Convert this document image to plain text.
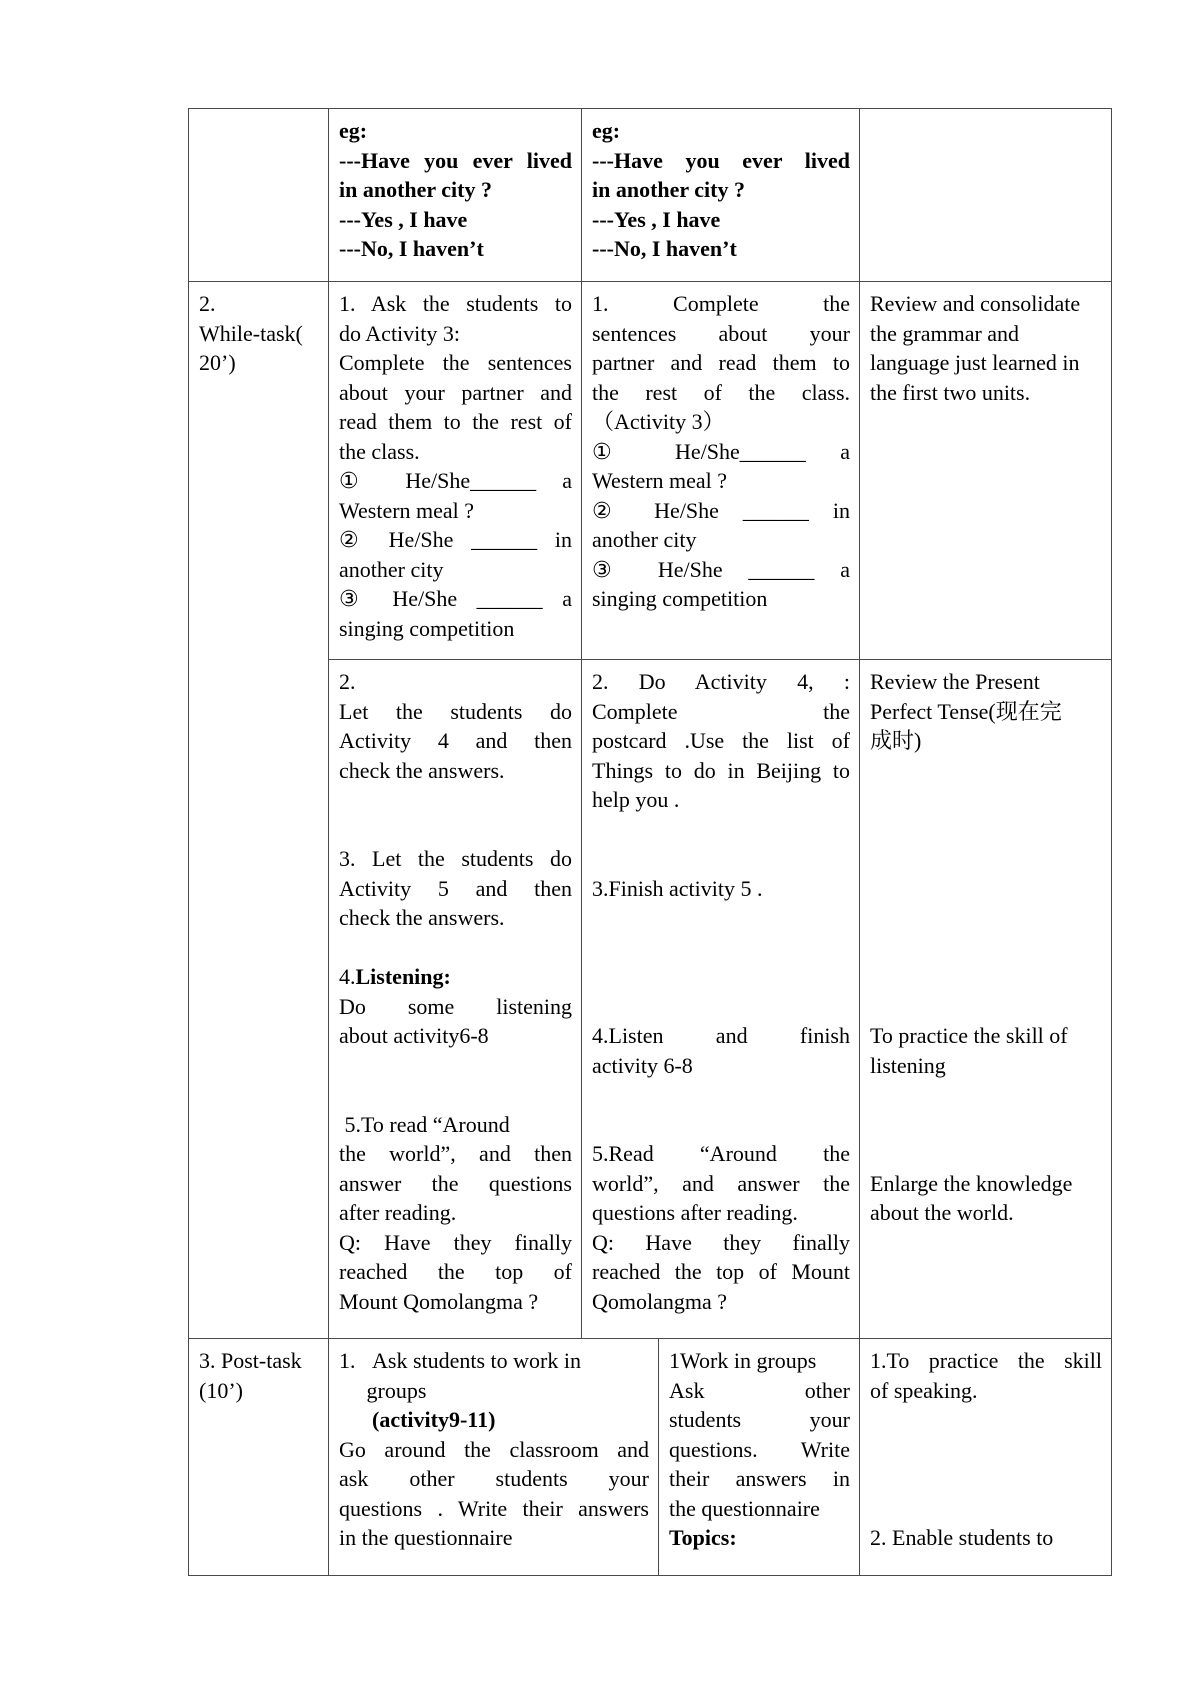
eg:
---Have you ever lived
in another city ?
---Yes , I have
---No, I haven’t
eg:
---Have you ever lived
in another city ?
---Yes , I have
---No, I haven’t
2.
While-task(
20’)
1. Ask the students to
do Activity 3:
Complete the sentences
about your partner and
read them to the rest of
the class.
① He/She______ a
Western meal ?
② He/She ______ in
another city
③ He/She ______ a
singing competition
1. Complete the
sentences about your
partner and read them to
the rest of the class.
（Activity 3）
① He/She______ a
Western meal ?
② He/She ______ in
another city
③ He/She ______ a
singing competition
Review and consolidate
the grammar and
language just learned in
the first two units.
2.
Let the students do
Activity 4 and then
check the answers.

3. Let the students do
Activity 5 and then
check the answers.

4.Listening:
Do some listening
about activity6-8

5.To read “Around
the world”, and then
answer the questions
after reading.
Q: Have they finally
reached the top of
Mount Qomolangma ?
2. Do Activity 4, :
Complete the
postcard .Use the list of
Things to do in Beijing to
help you .

3.Finish activity 5 .

4.Listen and finish
activity 6-8

5.Read “Around the
world”, and answer the
questions after reading.
Q: Have they finally
reached the top of Mount
Qomolangma ?
Review the Present
Perfect Tense(现在完
成时)

To practice the skill of
listening

Enlarge the knowledge
about the world.
3. Post-task
(10’)
1.   Ask students to work in
groups
(activity9-11)
Go around the classroom and
ask other students your
questions . Write their answers
in the questionnaire
1Work in groups
Ask other
students your
questions. Write
their answers in
the questionnaire
Topics:
1.To practice the skill
of speaking.

2. Enable students to
